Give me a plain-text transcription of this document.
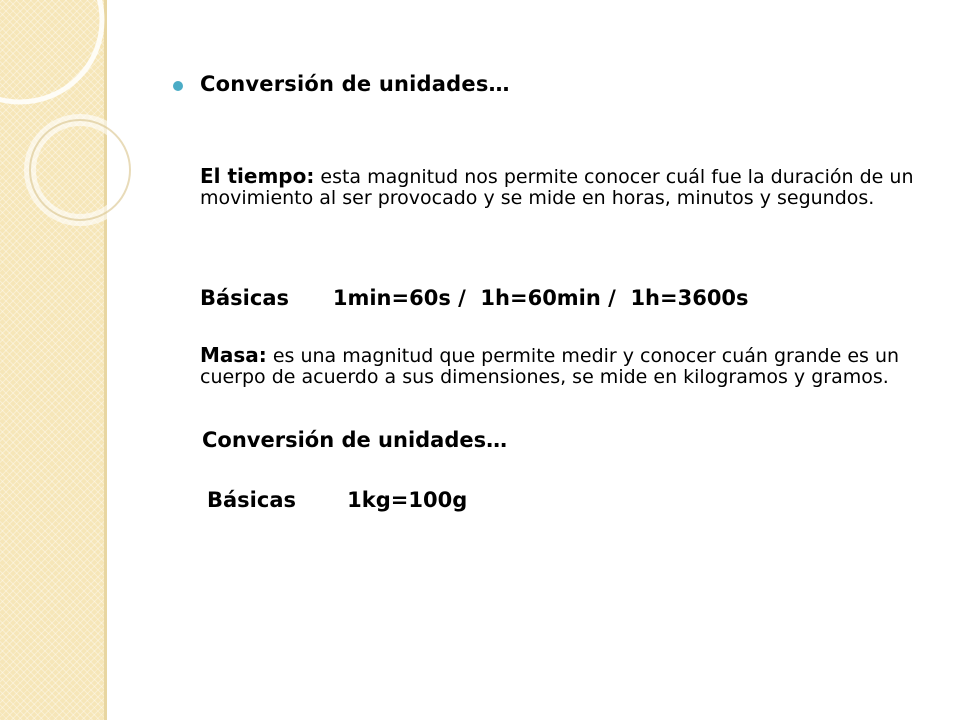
Conversión de unidades…

El tiempo: esta magnitud nos permite conocer cuál fue la duración de un movimiento al ser provocado y se mide en horas, minutos y segundos.

Básicas      1min=60s /  1h=60min /  1h=3600s

Masa: es una magnitud que permite medir y conocer cuán grande es un cuerpo de acuerdo a sus dimensiones, se mide en kilogramos y gramos.

Conversión de unidades…

Básicas       1kg=100g
